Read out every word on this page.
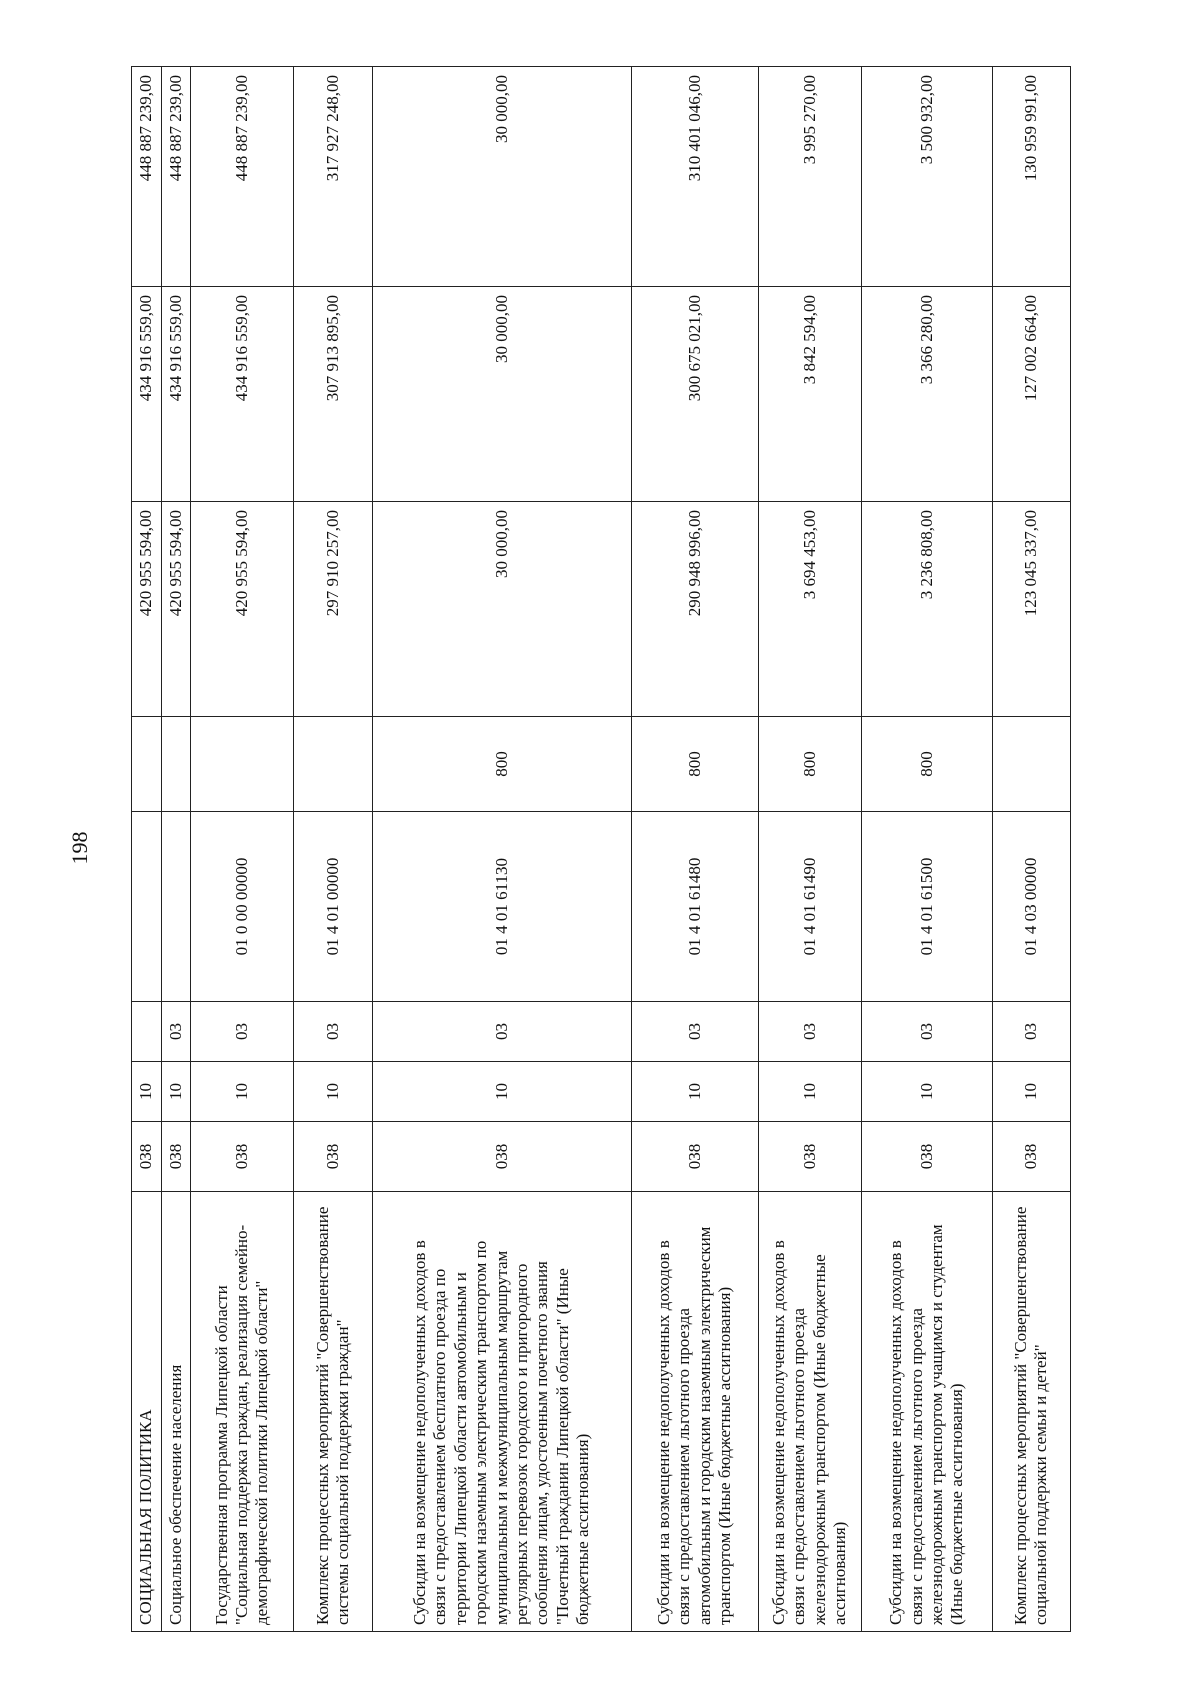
198
СОЦИАЛЬНАЯ ПОЛИТИКА	038	10				420 955 594,00	434 916 559,00	448 887 239,00
Социальное обеспечение населения	038	10	03			420 955 594,00	434 916 559,00	448 887 239,00
Государственная программа Липецкой области "Социальная поддержка граждан, реализация семейно-демографической политики Липецкой области"	038	10	03	01 0 00 00000		420 955 594,00	434 916 559,00	448 887 239,00
Комплекс процессных мероприятий "Совершенствование системы социальной поддержки граждан"	038	10	03	01 4 01 00000		297 910 257,00	307 913 895,00	317 927 248,00
Субсидии на возмещение недополученных доходов в связи с предоставлением бесплатного проезда по территории Липецкой области автомобильным и городским наземным электрическим транспортом по муниципальным и межмуниципальным маршрутам регулярных перевозок городского и пригородного сообщения лицам, удостоенным почетного звания "Почетный гражданин Липецкой области" (Иные бюджетные ассигнования)	038	10	03	01 4 01 61130	800	30 000,00	30 000,00	30 000,00
Субсидии на возмещение недополученных доходов в связи с предоставлением льготного проезда автомобильным и городским наземным электрическим транспортом (Иные бюджетные ассигнования)	038	10	03	01 4 01 61480	800	290 948 996,00	300 675 021,00	310 401 046,00
Субсидии на возмещение недополученных доходов в связи с предоставлением льготного проезда железнодорожным транспортом (Иные бюджетные ассигнования)	038	10	03	01 4 01 61490	800	3 694 453,00	3 842 594,00	3 995 270,00
Субсидии на возмещение недополученных доходов в связи с предоставлением льготного проезда железнодорожным транспортом учащимся и студентам (Иные бюджетные ассигнования)	038	10	03	01 4 01 61500	800	3 236 808,00	3 366 280,00	3 500 932,00
Комплекс процессных мероприятий "Совершенствование социальной поддержки семьи и детей"	038	10	03	01 4 03 00000		123 045 337,00	127 002 664,00	130 959 991,00
